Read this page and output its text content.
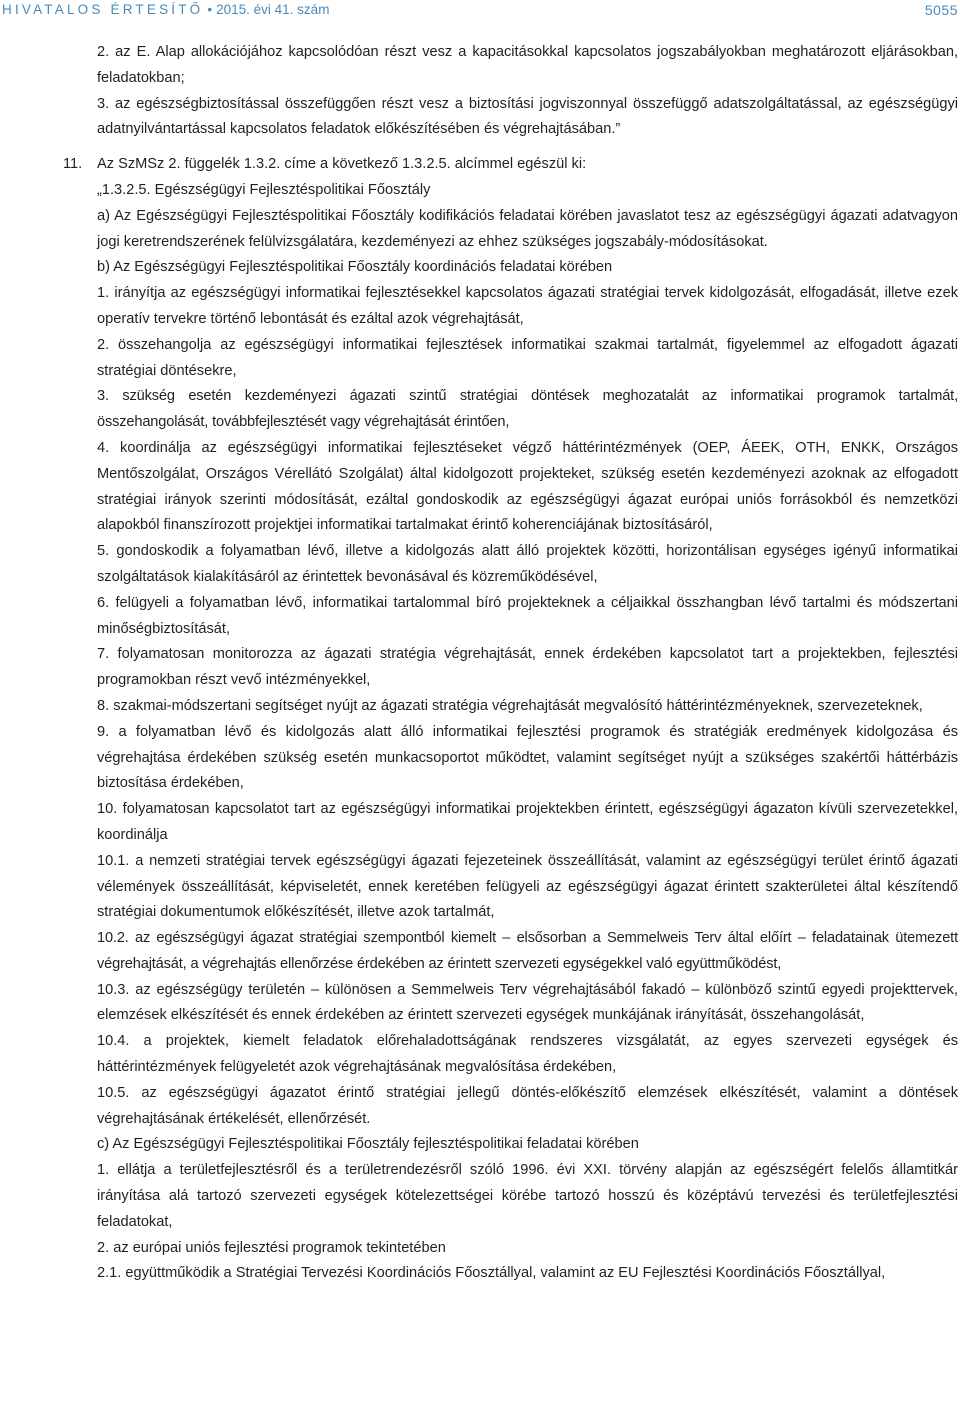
HIVATALOS ÉRTESÍTŐ • 2015. évi 41. szám	5055

2. az E. Alap allokációjához kapcsolódóan részt vesz a kapacitásokkal kapcsolatos jogszabályokban meghatározott eljárásokban, feladatokban;

3. az egészségbiztosítással összefüggően részt vesz a biztosítási jogviszonnyal összefüggő adatszolgáltatással, az egészségügyi adatnyilvántartással kapcsolatos feladatok előkészítésében és végrehajtásában.”

11. Az SzMSz 2. függelék 1.3.2. címe a következő 1.3.2.5. alcímmel egészül ki:

„1.3.2.5. Egészségügyi Fejlesztéspolitikai Főosztály

a) Az Egészségügyi Fejlesztéspolitikai Főosztály kodifikációs feladatai körében javaslatot tesz az egészségügyi ágazati adatvagyon jogi keretrendszerének felülvizsgálatára, kezdeményezi az ehhez szükséges jogszabály-módosításokat.

b) Az Egészségügyi Fejlesztéspolitikai Főosztály koordinációs feladatai körében

1. irányítja az egészségügyi informatikai fejlesztésekkel kapcsolatos ágazati stratégiai tervek kidolgozását, elfogadását, illetve ezek operatív tervekre történő lebontását és ezáltal azok végrehajtását,

2. összehangolja az egészségügyi informatikai fejlesztések informatikai szakmai tartalmát, figyelemmel az elfogadott ágazati stratégiai döntésekre,

3. szükség esetén kezdeményezi ágazati szintű stratégiai döntések meghozatalát az informatikai programok tartalmát, összehangolását, továbbfejlesztését vagy végrehajtását érintően,

4. koordinálja az egészségügyi informatikai fejlesztéseket végző háttérintézmények (OEP, ÁEEK, OTH, ENKK, Országos Mentőszolgálat, Országos Vérellátó Szolgálat) által kidolgozott projekteket, szükség esetén kezdeményezi azoknak az elfogadott stratégiai irányok szerinti módosítását, ezáltal gondoskodik az egészségügyi ágazat európai uniós forrásokból és nemzetközi alapokból finanszírozott projektjei informatikai tartalmakat érintő koherenciájának biztosításáról,

5. gondoskodik a folyamatban lévő, illetve a kidolgozás alatt álló projektek közötti, horizontálisan egységes igényű informatikai szolgáltatások kialakításáról az érintettek bevonásával és közreműködésével,

6. felügyeli a folyamatban lévő, informatikai tartalommal bíró projekteknek a céljaikkal összhangban lévő tartalmi és módszertani minőségbiztosítását,

7. folyamatosan monitorozza az ágazati stratégia végrehajtását, ennek érdekében kapcsolatot tart a projektekben, fejlesztési programokban részt vevő intézményekkel,

8. szakmai-módszertani segítséget nyújt az ágazati stratégia végrehajtását megvalósító háttérintézményeknek, szervezeteknek,

9. a folyamatban lévő és kidolgozás alatt álló informatikai fejlesztési programok és stratégiák eredmények kidolgozása és végrehajtása érdekében szükség esetén munkacsoportot működtet, valamint segítséget nyújt a szükséges szakértői háttérbázis biztosítása érdekében,

10. folyamatosan kapcsolatot tart az egészségügyi informatikai projektekben érintett, egészségügyi ágazaton kívüli szervezetekkel, koordinálja

10.1. a nemzeti stratégiai tervek egészségügyi ágazati fejezeteinek összeállítását, valamint az egészségügyi terület érintő ágazati vélemények összeállítását, képviseletét, ennek keretében felügyeli az egészségügyi ágazat érintett szakterületei által készítendő stratégiai dokumentumok előkészítését, illetve azok tartalmát,

10.2. az egészségügyi ágazat stratégiai szempontból kiemelt – elsősorban a Semmelweis Terv által előírt – feladatainak ütemezett végrehajtását, a végrehajtás ellenőrzése érdekében az érintett szervezeti egységekkel való együttműködést,

10.3. az egészségügy területén – különösen a Semmelweis Terv végrehajtásából fakadó – különböző szintű egyedi projekttervek, elemzések elkészítését és ennek érdekében az érintett szervezeti egységek munkájának irányítását, összehangolását,

10.4. a projektek, kiemelt feladatok előrehaladottságának rendszeres vizsgálatát, az egyes szervezeti egységek és háttérintézmények felügyeletét azok végrehajtásának megvalósítása érdekében,

10.5. az egészségügyi ágazatot érintő stratégiai jellegű döntés-előkészítő elemzések elkészítését, valamint a döntések végrehajtásának értékelését, ellenőrzését.

c) Az Egészségügyi Fejlesztéspolitikai Főosztály fejlesztéspolitikai feladatai körében

1. ellátja a területfejlesztésről és a területrendezésről szóló 1996. évi XXI. törvény alapján az egészségért felelős államtitkár irányítása alá tartozó szervezeti egységek kötelezettségei körébe tartozó hosszú és középtávú tervezési és területfejlesztési feladatokat,

2. az európai uniós fejlesztési programok tekintetében

2.1. együttműködik a Stratégiai Tervezési Koordinációs Főosztállyal, valamint az EU Fejlesztési Koordinációs Főosztállyal,
